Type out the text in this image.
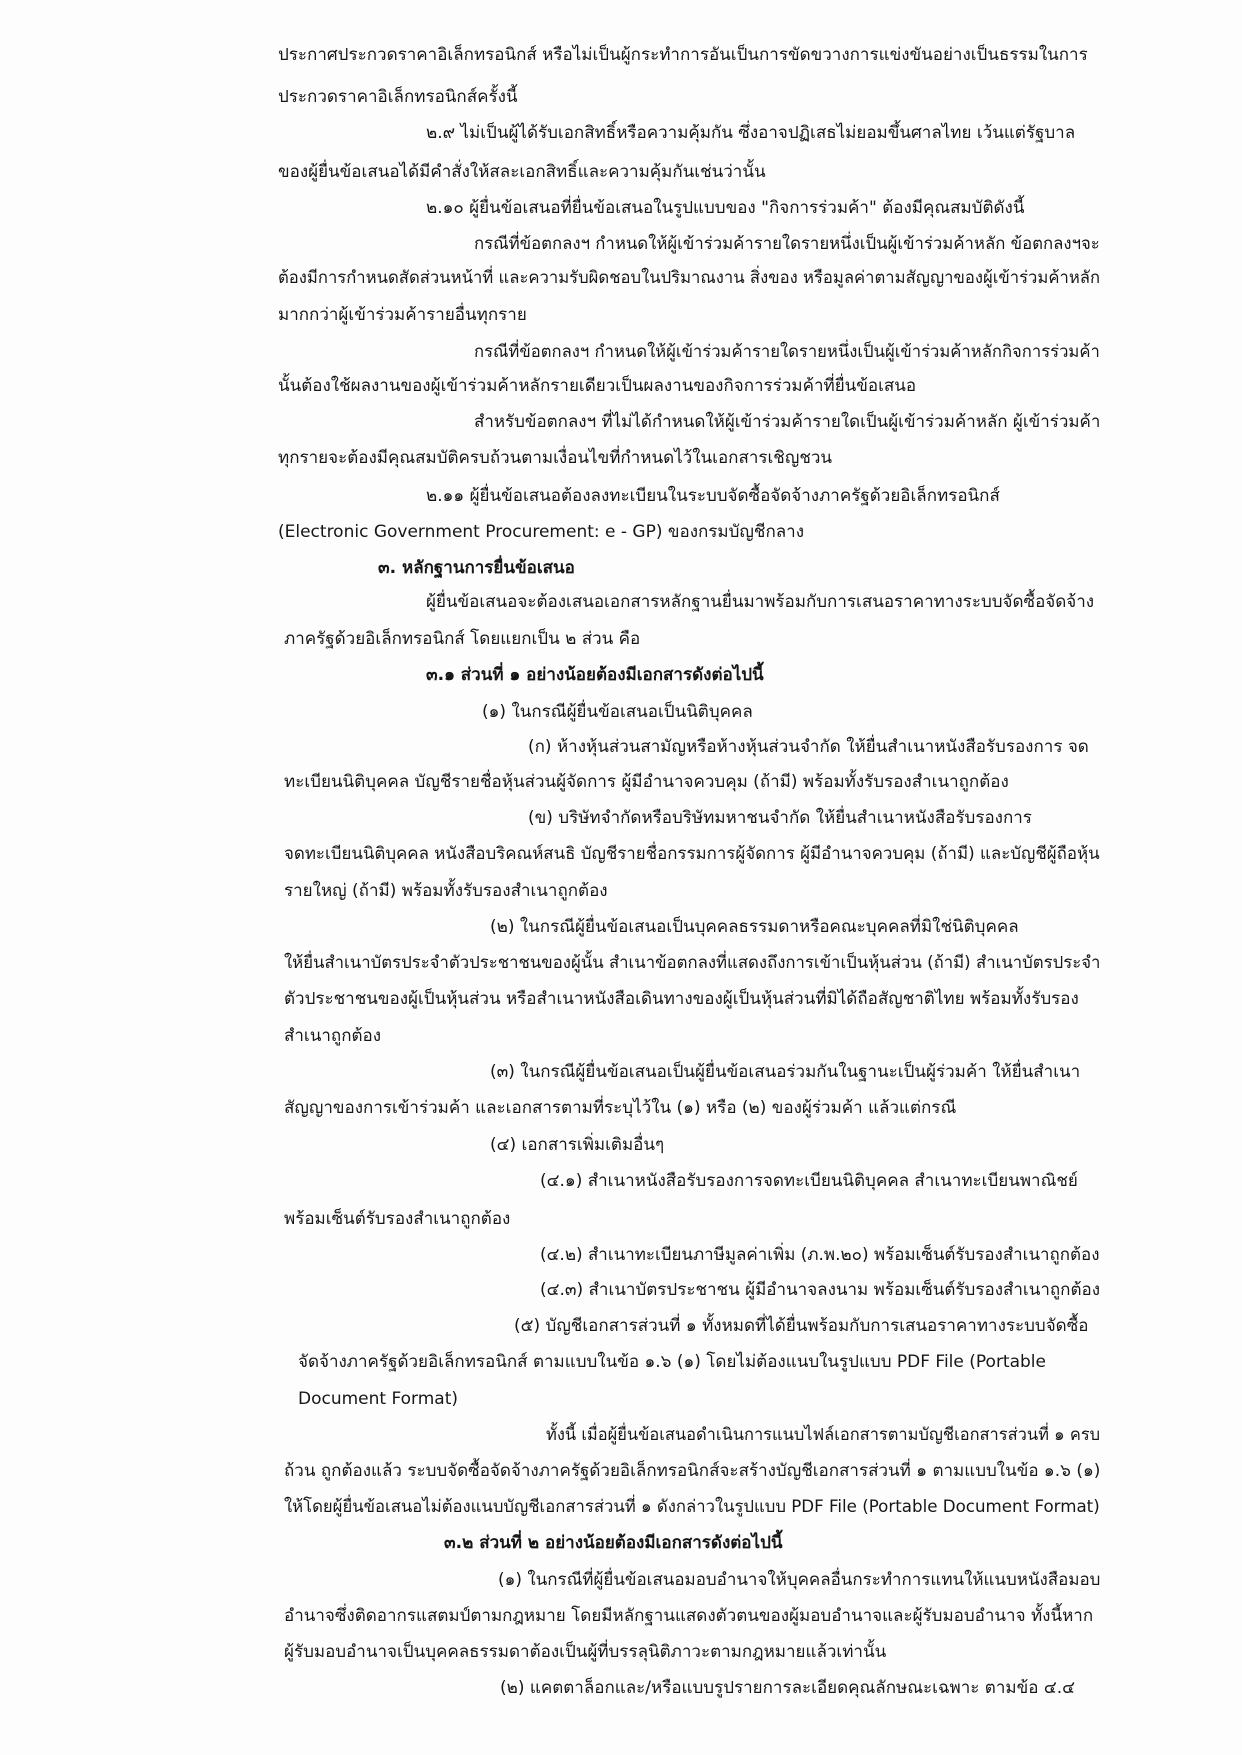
ประกาศประกวดราคาอิเล็กทรอนิกส์ หรือไม่เป็นผู้กระทำการอันเป็นการขัดขวางการแข่งขันอย่างเป็นธรรมในการ

ประกวดราคาอิเล็กทรอนิกส์ครั้งนี้

๒.๙ ไม่เป็นผู้ได้รับเอกสิทธิ์หรือความคุ้มกัน ซึ่งอาจปฏิเสธไม่ยอมขึ้นศาลไทย เว้นแต่รัฐบาล

ของผู้ยื่นข้อเสนอได้มีคำสั่งให้สละเอกสิทธิ์และความคุ้มกันเช่นว่านั้น

๒.๑๐ ผู้ยื่นข้อเสนอที่ยื่นข้อเสนอในรูปแบบของ "กิจการร่วมค้า" ต้องมีคุณสมบัติดังนี้

กรณีที่ข้อตกลงฯ กำหนดให้ผู้เข้าร่วมค้ารายใดรายหนึ่งเป็นผู้เข้าร่วมค้าหลัก ข้อตกลงฯจะ

ต้องมีการกำหนดสัดส่วนหน้าที่ และความรับผิดชอบในปริมาณงาน สิ่งของ หรือมูลค่าตามสัญญาของผู้เข้าร่วมค้าหลัก

มากกว่าผู้เข้าร่วมค้ารายอื่นทุกราย

กรณีที่ข้อตกลงฯ กำหนดให้ผู้เข้าร่วมค้ารายใดรายหนึ่งเป็นผู้เข้าร่วมค้าหลักกิจการร่วมค้า

นั้นต้องใช้ผลงานของผู้เข้าร่วมค้าหลักรายเดียวเป็นผลงานของกิจการร่วมค้าที่ยื่นข้อเสนอ

สำหรับข้อตกลงฯ ที่ไม่ได้กำหนดให้ผู้เข้าร่วมค้ารายใดเป็นผู้เข้าร่วมค้าหลัก ผู้เข้าร่วมค้า

ทุกรายจะต้องมีคุณสมบัติครบถ้วนตามเงื่อนไขที่กำหนดไว้ในเอกสารเชิญชวน

๒.๑๑ ผู้ยื่นข้อเสนอต้องลงทะเบียนในระบบจัดซื้อจัดจ้างภาครัฐด้วยอิเล็กทรอนิกส์

(Electronic Government Procurement: e - GP) ของกรมบัญชีกลาง

๓. หลักฐานการยื่นข้อเสนอ

ผู้ยื่นข้อเสนอจะต้องเสนอเอกสารหลักฐานยื่นมาพร้อมกับการเสนอราคาทางระบบจัดซื้อจัดจ้าง

ภาครัฐด้วยอิเล็กทรอนิกส์ โดยแยกเป็น ๒ ส่วน คือ

๓.๑ ส่วนที่ ๑ อย่างน้อยต้องมีเอกสารดังต่อไปนี้

(๑) ในกรณีผู้ยื่นข้อเสนอเป็นนิติบุคคล

(ก) ห้างหุ้นส่วนสามัญหรือห้างหุ้นส่วนจำกัด ให้ยื่นสำเนาหนังสือรับรองการ จด

ทะเบียนนิติบุคคล บัญชีรายชื่อหุ้นส่วนผู้จัดการ ผู้มีอำนาจควบคุม (ถ้ามี) พร้อมทั้งรับรองสำเนาถูกต้อง

(ข) บริษัทจำกัดหรือบริษัทมหาชนจำกัด ให้ยื่นสำเนาหนังสือรับรองการ

จดทะเบียนนิติบุคคล หนังสือบริคณห์สนธิ บัญชีรายชื่อกรรมการผู้จัดการ ผู้มีอำนาจควบคุม (ถ้ามี) และบัญชีผู้ถือหุ้น

รายใหญ่ (ถ้ามี) พร้อมทั้งรับรองสำเนาถูกต้อง

(๒) ในกรณีผู้ยื่นข้อเสนอเป็นบุคคลธรรมดาหรือคณะบุคคลที่มิใช่นิติบุคคล

ให้ยื่นสำเนาบัตรประจำตัวประชาชนของผู้นั้น สำเนาข้อตกลงที่แสดงถึงการเข้าเป็นหุ้นส่วน (ถ้ามี) สำเนาบัตรประจำ

ตัวประชาชนของผู้เป็นหุ้นส่วน หรือสำเนาหนังสือเดินทางของผู้เป็นหุ้นส่วนที่มิได้ถือสัญชาติไทย พร้อมทั้งรับรอง

สำเนาถูกต้อง

(๓) ในกรณีผู้ยื่นข้อเสนอเป็นผู้ยื่นข้อเสนอร่วมกันในฐานะเป็นผู้ร่วมค้า ให้ยื่นสำเนา

สัญญาของการเข้าร่วมค้า และเอกสารตามที่ระบุไว้ใน (๑) หรือ (๒) ของผู้ร่วมค้า แล้วแต่กรณี

(๔) เอกสารเพิ่มเติมอื่นๆ

(๔.๑) สำเนาหนังสือรับรองการจดทะเบียนนิติบุคคล สำเนาทะเบียนพาณิชย์

พร้อมเซ็นต์รับรองสำเนาถูกต้อง

(๔.๒) สำเนาทะเบียนภาษีมูลค่าเพิ่ม (ภ.พ.๒๐) พร้อมเซ็นต์รับรองสำเนาถูกต้อง

(๔.๓) สำเนาบัตรประชาชน ผู้มีอำนาจลงนาม พร้อมเซ็นต์รับรองสำเนาถูกต้อง

(๕) บัญชีเอกสารส่วนที่ ๑ ทั้งหมดที่ได้ยื่นพร้อมกับการเสนอราคาทางระบบจัดซื้อ

จัดจ้างภาครัฐด้วยอิเล็กทรอนิกส์ ตามแบบในข้อ ๑.๖ (๑) โดยไม่ต้องแนบในรูปแบบ PDF File (Portable

Document Format)

ทั้งนี้ เมื่อผู้ยื่นข้อเสนอดำเนินการแนบไฟล์เอกสารตามบัญชีเอกสารส่วนที่ ๑ ครบ

ถ้วน ถูกต้องแล้ว ระบบจัดซื้อจัดจ้างภาครัฐด้วยอิเล็กทรอนิกส์จะสร้างบัญชีเอกสารส่วนที่ ๑ ตามแบบในข้อ ๑.๖ (๑)

ให้โดยผู้ยื่นข้อเสนอไม่ต้องแนบบัญชีเอกสารส่วนที่ ๑ ดังกล่าวในรูปแบบ PDF File (Portable Document Format)

๓.๒ ส่วนที่ ๒ อย่างน้อยต้องมีเอกสารดังต่อไปนี้

(๑) ในกรณีที่ผู้ยื่นข้อเสนอมอบอำนาจให้บุคคลอื่นกระทำการแทนให้แนบหนังสือมอบ

อำนาจซึ่งติดอากรแสตมป์ตามกฎหมาย โดยมีหลักฐานแสดงตัวตนของผู้มอบอำนาจและผู้รับมอบอำนาจ ทั้งนี้หาก

ผู้รับมอบอำนาจเป็นบุคคลธรรมดาต้องเป็นผู้ที่บรรลุนิติภาวะตามกฎหมายแล้วเท่านั้น

(๒) แคตตาล็อกและ/หรือแบบรูปรายการละเอียดคุณลักษณะเฉพาะ ตามข้อ ๔.๔
